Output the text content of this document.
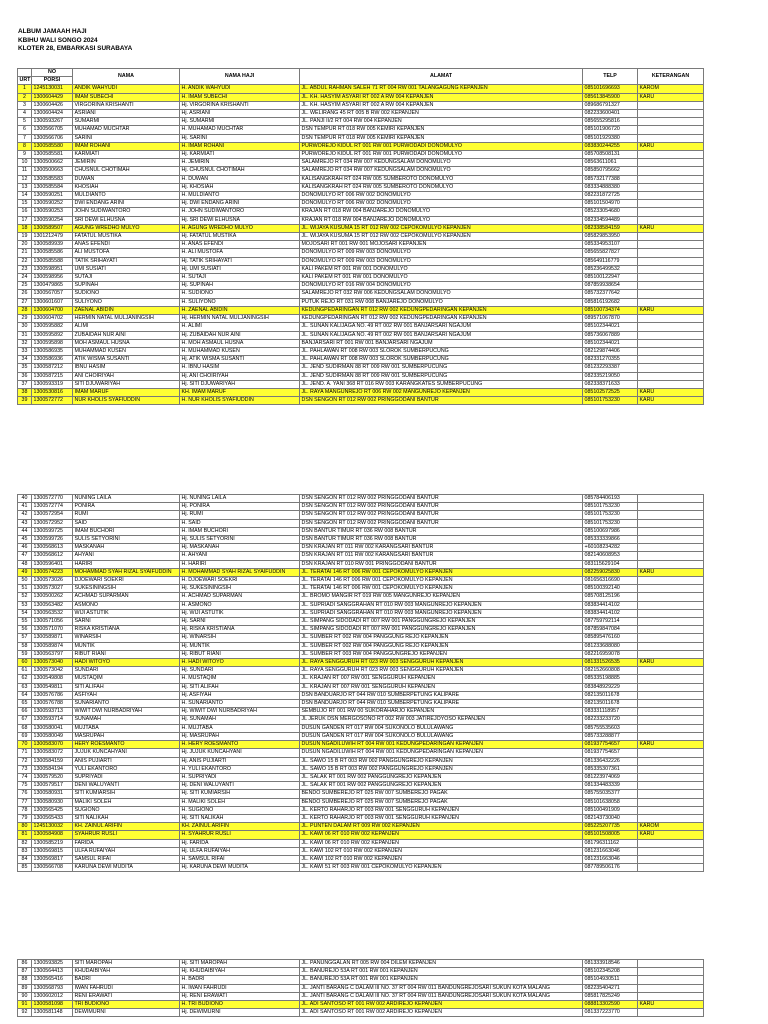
ALBUM JAMAAH HAJI
KBIHU WALI SONGO 2024
KLOTER 28, EMBARKASI SURABAYA
	NO	NAMA	NAMA HAJI	ALAMAT	TELP	KETERANGAN
URT	PORSI					
1	1245130031	ANDIK WAHYUDI	H. ANDIK WAHYUDI	JL. ABDUL RAHMAN SALEH 71 RT 004 RW 001 TALANGAGUNG KEPANJEN	085101696693	KAROM
2	1300604429	IMAM SUBECHI	H. IMAM SUBECHI	JL. KH. HASYIM ASYARI RT 002 A RW 004 KEPANJEN	085613845900	KARU
3	1300604426	VIRGORINA KRISHANTI	Hj. VIRGORINA KRISHANTI	JL. KH. HASYIM ASYARI RT 002 A RW 004 KEPANJEN	089686791327	
4	1300604424	ASRIANI	Hj. ASRIANI	JL. WELIRANG 45 RT 005 B RW 002 KEPANJEN	082233600401	
5	1300593267	SUMARMI	Hj. SUMARMI	JL. PANJI II/2 RT 004 RW 004 KEPANJEN	085655295816	
6	1300566705	MUHAMAD MUCHTAR	H. MUHAMAD MUCHTAR	DSN TEMPUR RT 018 RW 005 KEMIRI KEPANJEN	085101906720	
7	1300566706	SARINI	Hj. SARINI	DSN TEMPUR RT 018 RW 005 KEMIRI KEPANJEN	085101929380	
8	1300585580	IMAM ROHANI	H. IMAM ROHANI	PURWOREJO KIDUL RT 001 RW 001 PURWODADI DONOMULYO	083830244255	KARU
9	1300585581	KARMIATI	Hj. KARMIATI	PURWOREJO KIDUL RT 001 RW 001 PURWODADI DONOMULYO	085708508131	
10	1300500662	JEMIRIN	H. JEMIRIN	SALAMREJO RT 034 RW 007 KEDUNGSALAM DONOMULYO	08563611061	
11	1300500663	CHUSNUL CHOTIMAH	Hj. CHUSNUL CHOTIMAH	SALAMREJO RT 034 RW 007 KEDUNGSALAM DONOMULYO	085850795662	
12	1300585583	DUWAN	H. DUWAN	KALISANGKRAH RT 024 RW 005 SUMBEROTO DONOMULYO	085732177388	
13	1300585584	KHOSIAH	Hj. KHOSIAH	KALISANGKRAH RT 024 RW 005 SUMBEROTO DONOMULYO	083334888380	
14	1300590251	MULDIANTO	H. MULDIANTO	DONOMULYO RT 006 RW 002 DONOMULYO	082231872725	
15	1300590252	DWI ENDANG ARINI	Hj. DWI ENDANG ARINI	DONOMULYO RT 006 RW 002 DONOMULYO	085101504970	
16	1300590253	JOHN SUDIWANTORO	H. JOHN SUDIWANTORO	KRAJAN RT 018 RW 004 BANJAREJO DONOMULYO	085233054680	
17	1300590254	SRI DEWI ELHUSNA	Hj. SRI DEWI ELHUSNA	KRAJAN RT 018 RW 004 BANJAREJO DONOMULYO	082334594489	
18	1300589507	AGUNG WREDHO MULYO	H. AGUNG WREDHO MULYO	JL. WIJAYA KUSUMA 15 RT 012 RW 002 CEPOKOMULYO KEPANJEN	082338584159	KARU
19	1301212479	FATATUL MUSTIKA	Hj. FATATUL MUSTIKA	JL. WIJAYA KUSUMA 15 RT 012 RW 002 CEPOKOMULYO KEPANJEN	085829853950	
20	1300589939	ANAS EFENDI	H. ANAS EFENDI	MOJOSARI RT 001 RW 001 MOJOSARI KEPANJEN	085334953107	
21	1300585586	ALI MUSTOFA	H. ALI MUSTOFA	DONOMULYO RT 009 RW 003 DONOMULYO	085655827827	
22	1300585588	TATIK SRIHAYATI	Hj. TATIK SRIHAYATI	DONOMULYO RT 009 RW 003 DONOMULYO	085649116779	
23	1300598951	UMI SUSIATI	Hj. UMI SUSIATI	KALI PAKEM RT 001 RW 001 DONOMULYO	085236499532	
24	1300598956	SUTAJI	H. SUTAJI	KALI PAKEM RT 001 RW 001 DONOMULYO	085100122947	
25	1300479865	SUPINAH	Hj. SUPINAH	DONOMULYO RT 016 RW 004 DONOMULYO	087859938654	
26	1300567057	SUDIONO	H. SUDIONO	SALAMREJO RT 032 RW 006 KEDUNGSALAM DONOMULYO	085732377642	
27	1300601607	SULIYONO	H. SULIYONO	PUTUK REJO RT 031 RW 008 BANJAREJO DONOMULYO	085816192682	
28	1300604700	ZAENAL ABIDIN	H. ZAENAL ABIDIN	KEDUNGPEDARINGAN RT 012 RW 002 KEDUNGPEDARINGAN KEPANJEN	085100734374	KARU
29	1300604702	HERMIN NATAL MULJANINGSIH	Hj. HERMIN NATAL MULJANINGSIH	KEDUNGPEDARINGAN RT 012 RW 002 KEDUNGPEDARINGAN KEPANJEN	089571067870	
30	1300595882	ALIMI	H. ALIMI	JL. SUNAN KALIJAGA NO. 49 RT 002 RW 001 BANJARSARI NGAJUM	085102344021	
31	1300595892	ZUBAIDAH NUR AINI	Hj. ZUBAIDAH NUR AINI	JL. SUNAN KALIJAGA NO. 49 RT 002 RW 001 BANJARSARI NGAJUM	085736067889	
32	1300595898	MOH ASMAUL HUSNA	H. MOH ASMAUL HUSNA	BANJARSARI RT 001 RW 001 BANJARSARI NGAJUM	085102344021	
33	1300586935	MUHAMMAD KUSEN	H. MUHAMMAD KUSEN	JL. PAHLAWAN RT 008 RW 003 SLOROK SUMBERPUCUNG	082129874406	
34	1300586936	ATIK WISMA SUSANTI	Hj. ATIK WISMA SUSANTI	JL. PAHLAWAN RT 008 RW 003 SLOROK SUMBERPUCUNG	082331270355	
35	1300587212	IBNU HASIM	H. IBNU HASIM	JL. JEND SUDIRMAN 88 RT 009 RW 001 SUMBERPUCUNG	081232293387	
36	1300587215	ANI CHOIRIYAH	Hj. ANI CHOIRIYAH	JL. JEND SUDIRMAN 88 RT 009 RW 001 SUMBERPUCUNG	082335219050	
37	1300593319	SITI DJUWARIYAH	Hj. SITI DJUWARIYAH	JL. JEND. A. YANI 368 RT 016 RW 003 KARANGKATES SUMBERPUCUNG	082338371633	
38	1300530816	IMAM MARUF	KH. IMAM MARUF	JL. RAYA MANGUNREJO RT 006 RW 002 MANGUNREJO KEPANJEN	085102572525	KARU
39	1300572772	NUR KHOLIS SYAFIUDDIN	H. NUR KHOLIS SYAFIUDDIN	DSN SENGON RT 012 RW 002 PRINGGODANI BANTUR	085101753230	KARU
40	1300572770	NUNING LAILA	Hj. NUNING LAILA	DSN SENGON RT 012 RW 002 PRINGGODANI BANTUR	085784406193	
41	1300572774	PONIRA	Hj. PONIRA	DSN SENGON RT 012 RW 002 PRINGGODANI BANTUR	085101753230	
42	1300572954	RUMI	Hj. RUMI	DSN SENGON RT 012 RW 002 PRINGGODANI BANTUR	085101753230	
43	1300572952	SAID	H. SAID	DSN SENGON RT 012 RW 002 PRINGGODANI BANTUR	085101753230	
44	1300599725	IMAM BUCHORI	H. IMAM BUCHORI	DSN BANTUR TIMUR RT 036 RW 008 BANTUR	085100697986	
45	1300599726	SULIS SETYORINI	Hj. SULIS SETYORINI	DSN BANTUR TIMUR RT 036 RW 008 BANTUR	085333339866	
46	1300568613	MASKANAH	Hj. MASKANAH	DSN KRAJAN RT 011 RW 002 KARANGSARI BANTUR	+60108234282	
47	1300568612	AHYANI	H. AHYANI	DSN KRAJAN RT 011 RW 002 KARANGSARI BANTUR	082140608953	
48	1300596401	HARIRI	H. HARIRI	DSN KRAJAN RT 010 RW 001 PRINGGODANI BANTUR	083115629104	
49	1300574223	MOHAMMAD SYAH RIZAL SYAIFUDDIN	H. MOHAMMAD SYAH RIZAL SYAIFUDDIN	JL. TERATAI 146 RT 006 RW 001 CEPOKOMULYO KEPANJEN	082259025830	KARU
50	1300573026	DJOEWARI SOEKRI	H. DJOEWARI SOEKRI	JL. TERATAI 146 RT 006 RW 001 CEPOKOMULYO KEPANJEN	081656316690	
51	1300573027	SUKESININGSIH	Hj. SUKESININGSIH	JL. TERATAI 146 RT 006 RW 001 CEPOKOMULYO KEPANJEN	085100392140	
52	1300500262	ACHMAD SUPARMAN	H. ACHMAD SUPARMAN	JL. BROMO MANGIR RT 019 RW 005 MANGUNREJO KEPANJEN	085708125196	
53	1300563482	ASMONO	H. ASMONO	JL. SUPRIADI SANGGRAHAN RT 010 RW 003 MANGUNREJO KEPANJEN	083834414102	
54	1300563532	WIJI ASTUTIK	Hj. WIJI ASTUTIK	JL. SUPRIADI SANGGRAHAN RT 010 RW 003 MANGUNREJO KEPANJEN	083834414102	
55	1300571056	SARNI	Hj. SARNI	JL. SIMPANG SIDODADI RT 007 RW 001 PANGGUNGREJO KEPANJEN	087759792114	
56	1300571070	RISKA KRISTIANA	Hj. RISKA KRISTIANA	JL. SIMPANG SIDODADI RT 007 RW 001 PANGGUNGREJO KEPANJEN	087859847084	
57	1300589871	WINARSIH	Hj. WINARSIH	JL. SUMBER RT 002 RW 004 PANGGUNG REJO KEPANJEN	085895476160	
58	1300589874	MUNTIK	Hj. MUNTIK	JL. SUMBER RT 002 RW 004 PANGGUNG REJO KEPANJEN	081233688080	
59	1300563797	RIBUT RIANI	Hj. RIBUT RIANI	JL. SUMBER RT 003 RW 004 PANGGUNGREJO KEPANJEN	082216959078	
60	1300573040	HADI WITOYO	H. HADI WITOYO	JL. RAYA SENGGURUH RT 023 RW 003 SENGGURUH KEPANJEN	081331526535	KARU
61	1300573042	SUNDARI	Hj. SUNDARI	JL. RAYA SENGGURUH RT 023 RW 003 SENGGURUH KEPANJEN	082152660808	
62	1300549808	MUSTAQIM	H. MUSTAQIM	JL. KRAJAN RT 007 RW 001 SENGGURUH KEPANJEN	085335198885	
63	1300549811	SITI ALIFAH	Hj. SITI ALIFAH	JL. KRAJAN RT 007 RW 001 SENGGURUH KEPANJEN	083848929229	
64	1300576786	ASFIYAH	Hj. ASFIYAH	DSN BANDUARJO RT 044 RW 010 SUMBERPETUNG KALIPARE	082135011678	
65	1300576788	SUNARIANTO	H. SUNARIANTO	DSN BANDUARJO RT 044 RW 010 SUMBERPETUNG KALIPARE	082135011678	
66	1300593713	WIWIT DWI NURBADRIYAH	Hj. WIWIT DWI NURBADRIYAH	SEMBUJO RT 001 RW 00 SUKORAHARJO KEPANJEN	083331118957	
67	1300593714	SUNAMAH	Hj. SUNAMAH	JL JERUK DSN MERGOSONO RT 002 RW 003 JATIREJOYOSO KEPANJEN	082233233720	
68	1300580041	MUJTABA	H. MUJTABA	DUSUN GANDEN RT 017 RW 004 SUKONOLO BULULAWANG	085755535603	
69	1300580049	MASRUPAH	Hj. MASRUPAH	DUSUN GANDEN RT 017 RW 004 SUKONOLO BULULAWANG	085733288877	
70	1300583070	HERY ROESMANTO	H. HERY ROESMANTO	DUSUN NGADILUWIH RT 004 RW 001 KEDUNGPEDARINGAN KEPANJEN	081937754657	KARU
71	1300583072	JUJUK KUNCAHYANI	Hj. JUJUK KUNCAHYANI	DUSUN NGADILUWIH RT 004 RW 001 KEDUNGPEDARINGAN KEPANJEN	081937754657	
72	1300584159	ANIS PUJIARTI	Hj. ANIS PUJIARTI	JL. SAWO 15 B RT 003 RW 002 PANGGUNGREJO KEPANJEN	081336432226	
73	1300584194	YULI EKANTORO	H. YULI EKANTORO	JL. SAWO 15 B RT 003 RW 002 PANGGUNGREJO KEPANJEN	085335307361	
74	1300579520	SUPRIYADI	H. SUPRIYADI	JL. SALAK RT 001 RW 002 PANGGUNGREJO KEPANJEN	081223974069	
75	1300579517	DENI WALUYANTI	Hj. DENI WALUYANTI	JL. SALAK RT 001 RW 002 PANGGUNGREJO KEPANJEN	081334483339	
76	1300580931	SITI KUMIARSIH	Hj. SITI KUMIARSIH	BENDO SUMBEREJO RT 025 RW 007 SUMBEREJO PAGAK	085755035377	
77	1300580930	MALIKI SOLEH	H. MALIKI SOLEH	BENDO SUMBEREJO RT 025 RW 007 SUMBEREJO PAGAK	085101638058	
78	1300565425	SUGIONO	H. SUGIONO	JL. KERTO RAHARJO RT 003 RW 001 SENGGURUH KEPANJEN	085100491909	
79	1300565433	SITI NALIKAH	Hj. SITI NALIKAH	JL. KERTO RAHARJO RT 003 RW 001 SENGGURUH KEPANJEN	082143730040	
80	1245130032	KH. ZAINUL ARIFIN	KH. ZAINUL ARIFIN	JL. PUNTEN DALAM RT 009 RW 002 KEPANJEN	085225207735	KAROM
81	1300584908	SYAHRUR RUSLI	H. SYAHRUR RUSLI	JL. KAWI 06 RT 010 RW 002 KEPANJEN	085101508005	KARU
82	1300585219	FARIDA	Hj. FARIDA	JL. KAWI 06 RT 010 RW 002 KEPANJEN	081796311162	
83	1300569815	ULFA RUFAIYAH	Hj. ULFA RUFAIYAH	JL. KAWI 102 RT 010 RW 002 KEPANJEN	081231663046	
84	1300569817	SAMSUL RIFAI	H. SAMSUL RIFAI	JL. KAWI 102 RT 010 RW 002 KEPANJEN	081231663046	
85	1300566708	KARUNA DEWI MUDITA	Hj. KARUNA DEWI MUDITA	JL. KAWI 51 RT 003 RW 001 CEPOKOMULYO KEPANJEN	087789506176	
86	1300593825	SITI MAROPAH	Hj. SITI MAROPAH	JL. PANUNGGALAN RT 005 RW 004 DILEM KEPANJEN	081333918546	
87	1300564413	KHUDAIBIYAH	Hj. KHUDAIBIYAH	JL. BANUREJO 53A RT 001 RW 001 KEPANJEN	085102345208	
88	1300565416	BADRI	H. BADRI	JL. BANUREJO 53A RT 001 RW 001 KEPANJEN	085104930511	
89	1300568793	IWAN FAHRUDI	H. IWAN FAHRUDI	JL. JANTI BARANG C DALAM III NO. 37 RT 004 RW 011 BANDUNGREJOSARI SUKUN KOTA MALANG	082235404271	
90	1300602012	RENI ERAWATI	Hj. RENI ERAWATI	JL. JANTI BARANG C DALAM III NO. 37 RT 004 RW 011 BANDUNGREJOSARI SUKUN KOTA MALANG	085817825249	
91	1300581098	TRI BUDIONO	H. TRI BUDIONO	JL. ADI SANTOSO RT 001 RW 002 ARDIREJO KEPANJEN	088813302590	KARU
92	1300581148	DEWIMURNI	Hj. DEWIMURNI	JL. ADI SANTOSO RT 001 RW 002 ARDIREJO KEPANJEN	081337223770	
